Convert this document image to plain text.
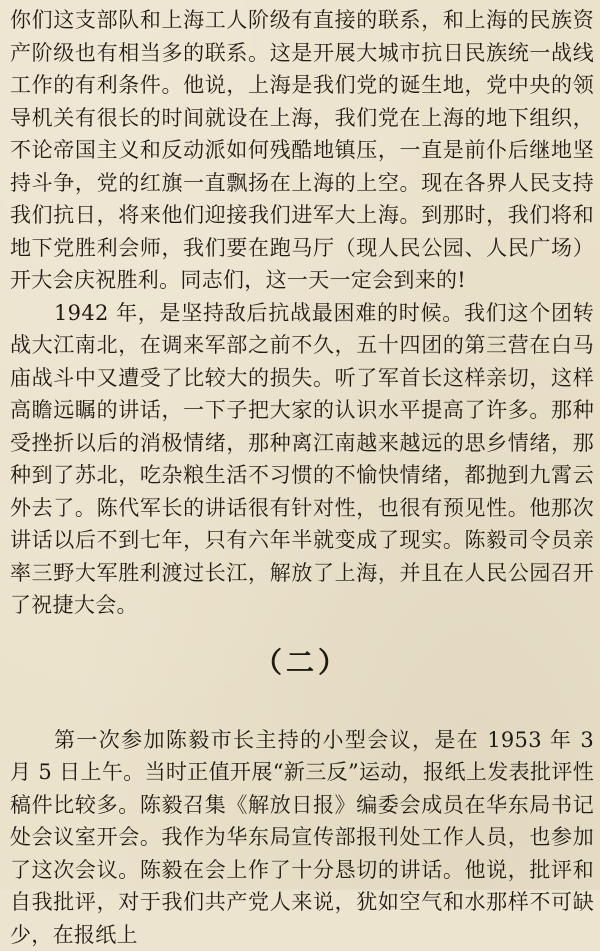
你们这支部队和上海工人阶级有直接的联系，和上海的民族资产阶级也有相当多的联系。这是开展大城市抗日民族统一战线工作的有利条件。他说，上海是我们党的诞生地，党中央的领导机关有很长的时间就设在上海，我们党在上海的地下组织，不论帝国主义和反动派如何残酷地镇压，一直是前仆后继地坚持斗争，党的红旗一直飘扬在上海的上空。现在各界人民支持我们抗日，将来他们迎接我们进军大上海。到那时，我们将和地下党胜利会师，我们要在跑马厅（现人民公园、人民广场）开大会庆祝胜利。同志们，这一天一定会到来的!

1942 年，是坚持敌后抗战最困难的时候。我们这个团转战大江南北，在调来军部之前不久，五十四团的第三营在白马庙战斗中又遭受了比较大的损失。听了军首长这样亲切，这样高瞻远瞩的讲话，一下子把大家的认识水平提高了许多。那种受挫折以后的消极情绪，那种离江南越来越远的思乡情绪，那种到了苏北，吃杂粮生活不习惯的不愉快情绪，都抛到九霄云外去了。陈代军长的讲话很有针对性，也很有预见性。他那次讲话以后不到七年，只有六年半就变成了现实。陈毅司令员亲率三野大军胜利渡过长江，解放了上海，并且在人民公园召开了祝捷大会。

（二）

第一次参加陈毅市长主持的小型会议，是在 1953 年 3 月 5 日上午。当时正值开展“新三反”运动，报纸上发表批评性稿件比较多。陈毅召集《解放日报》编委会成员在华东局书记处会议室开会。我作为华东局宣传部报刊处工作人员，也参加了这次会议。陈毅在会上作了十分恳切的讲话。他说，批评和自我批评，对于我们共产党人来说，犹如空气和水那样不可缺少，在报纸上
